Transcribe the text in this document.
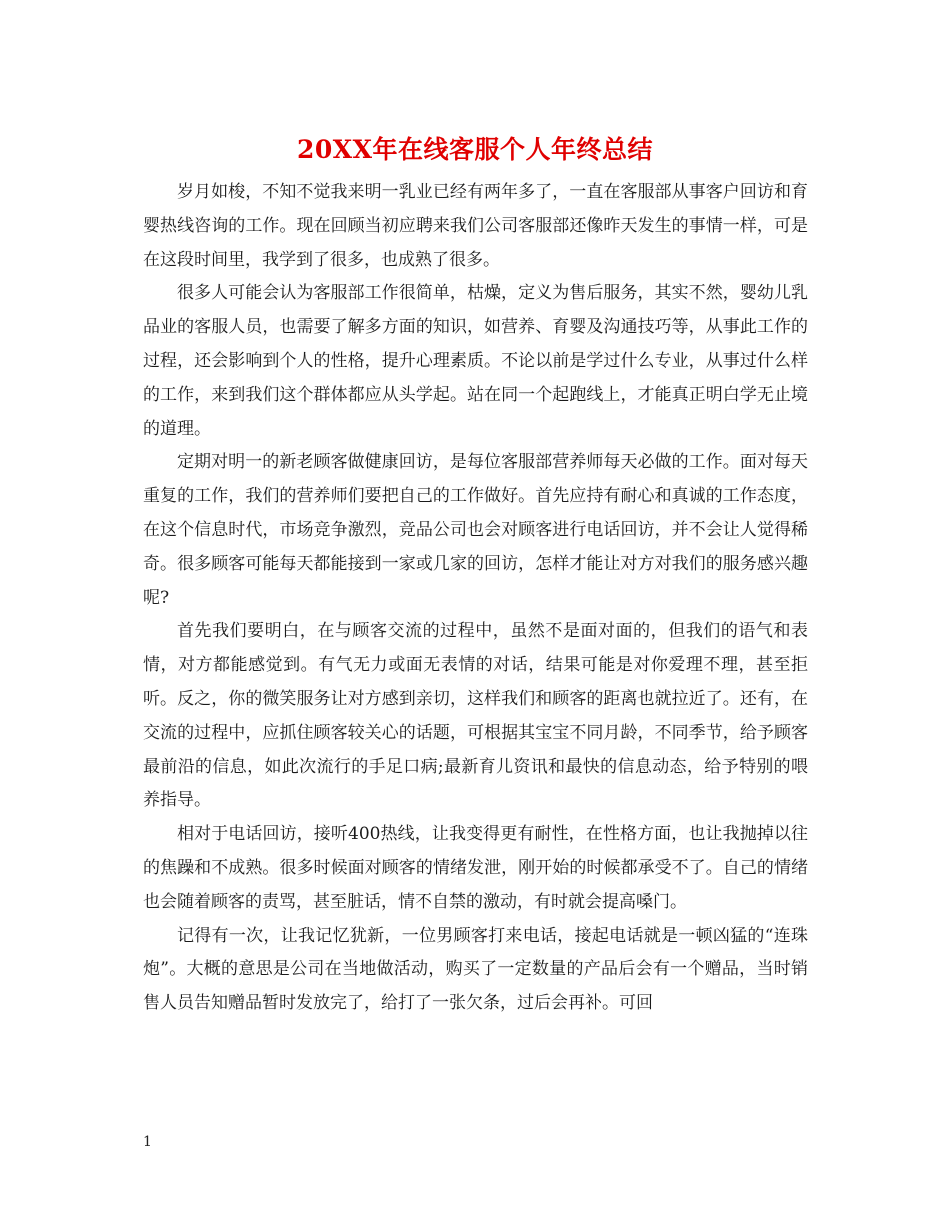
20XX年在线客服个人年终总结

岁月如梭，不知不觉我来明一乳业已经有两年多了，一直在客服部从事客户回访和育婴热线咨询的工作。现在回顾当初应聘来我们公司客服部还像昨天发生的事情一样，可是在这段时间里，我学到了很多，也成熟了很多。

很多人可能会认为客服部工作很简单，枯燥，定义为售后服务，其实不然，婴幼儿乳品业的客服人员，也需要了解多方面的知识，如营养、育婴及沟通技巧等，从事此工作的过程，还会影响到个人的性格，提升心理素质。不论以前是学过什么专业，从事过什么样的工作，来到我们这个群体都应从头学起。站在同一个起跑线上，才能真正明白学无止境的道理。

定期对明一的新老顾客做健康回访，是每位客服部营养师每天必做的工作。面对每天重复的工作，我们的营养师们要把自己的工作做好。首先应持有耐心和真诚的工作态度，在这个信息时代，市场竞争激烈，竞品公司也会对顾客进行电话回访，并不会让人觉得稀奇。很多顾客可能每天都能接到一家或几家的回访，怎样才能让对方对我们的服务感兴趣呢?

首先我们要明白，在与顾客交流的过程中，虽然不是面对面的，但我们的语气和表情，对方都能感觉到。有气无力或面无表情的对话，结果可能是对你爱理不理，甚至拒听。反之，你的微笑服务让对方感到亲切，这样我们和顾客的距离也就拉近了。还有，在交流的过程中，应抓住顾客较关心的话题，可根据其宝宝不同月龄，不同季节，给予顾客最前沿的信息，如此次流行的手足口病;最新育儿资讯和最快的信息动态，给予特别的喂养指导。

相对于电话回访，接听400热线，让我变得更有耐性，在性格方面，也让我抛掉以往的焦躁和不成熟。很多时候面对顾客的情绪发泄，刚开始的时候都承受不了。自己的情绪也会随着顾客的责骂，甚至脏话，情不自禁的激动，有时就会提高嗓门。

记得有一次，让我记忆犹新，一位男顾客打来电话，接起电话就是一顿凶猛的“连珠炮”。大概的意思是公司在当地做活动，购买了一定数量的产品后会有一个赠品，当时销售人员告知赠品暂时发放完了，给打了一张欠条，过后会再补。可回

1
